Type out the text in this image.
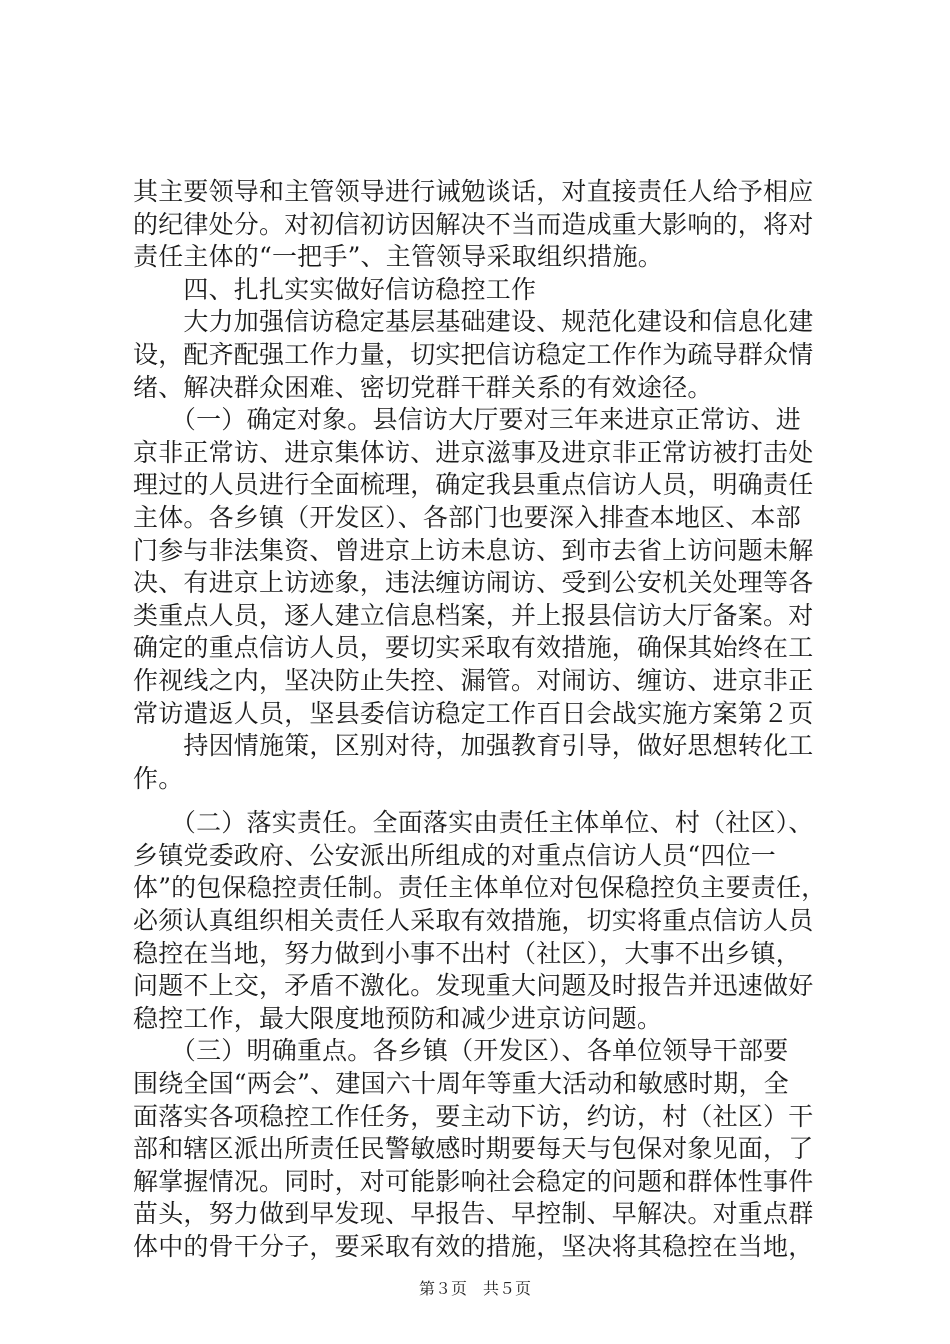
其主要领导和主管领导进行诫勉谈话，对直接责任人给予相应
的纪律处分。对初信初访因解决不当而造成重大影响的，将对
责任主体的“一把手”、主管领导采取组织措施。
　　四、扎扎实实做好信访稳控工作
　　大力加强信访稳定基层基础建设、规范化建设和信息化建
设，配齐配强工作力量，切实把信访稳定工作作为疏导群众情
绪、解决群众困难、密切党群干群关系的有效途径。
　　（一）确定对象。县信访大厅要对三年来进京正常访、进
京非正常访、进京集体访、进京滋事及进京非正常访被打击处
理过的人员进行全面梳理，确定我县重点信访人员，明确责任
主体。各乡镇（开发区）、各部门也要深入排查本地区、本部
门参与非法集资、曾进京上访未息访、到市去省上访问题未解
决、有进京上访迹象，违法缠访闹访、受到公安机关处理等各
类重点人员，逐人建立信息档案，并上报县信访大厅备案。对
确定的重点信访人员，要切实采取有效措施，确保其始终在工
作视线之内，坚决防止失控、漏管。对闹访、缠访、进京非正
常访遣返人员，坚县委信访稳定工作百日会战实施方案第２页
　　持因情施策，区别对待，加强教育引导，做好思想转化工
作。
　　（二）落实责任。全面落实由责任主体单位、村（社区）、
乡镇党委政府、公安派出所组成的对重点信访人员“四位一
体”的包保稳控责任制。责任主体单位对包保稳控负主要责任，
必须认真组织相关责任人采取有效措施，切实将重点信访人员
稳控在当地，努力做到小事不出村（社区），大事不出乡镇，
问题不上交，矛盾不激化。发现重大问题及时报告并迅速做好
稳控工作，最大限度地预防和减少进京访问题。
　　（三）明确重点。各乡镇（开发区）、各单位领导干部要
围绕全国“两会”、建国六十周年等重大活动和敏感时期，全
面落实各项稳控工作任务，要主动下访，约访，村（社区）干
部和辖区派出所责任民警敏感时期要每天与包保对象见面，了
解掌握情况。同时，对可能影响社会稳定的问题和群体性事件
苗头，努力做到早发现、早报告、早控制、早解决。对重点群
体中的骨干分子，要采取有效的措施，坚决将其稳控在当地，
第３页　共５页
